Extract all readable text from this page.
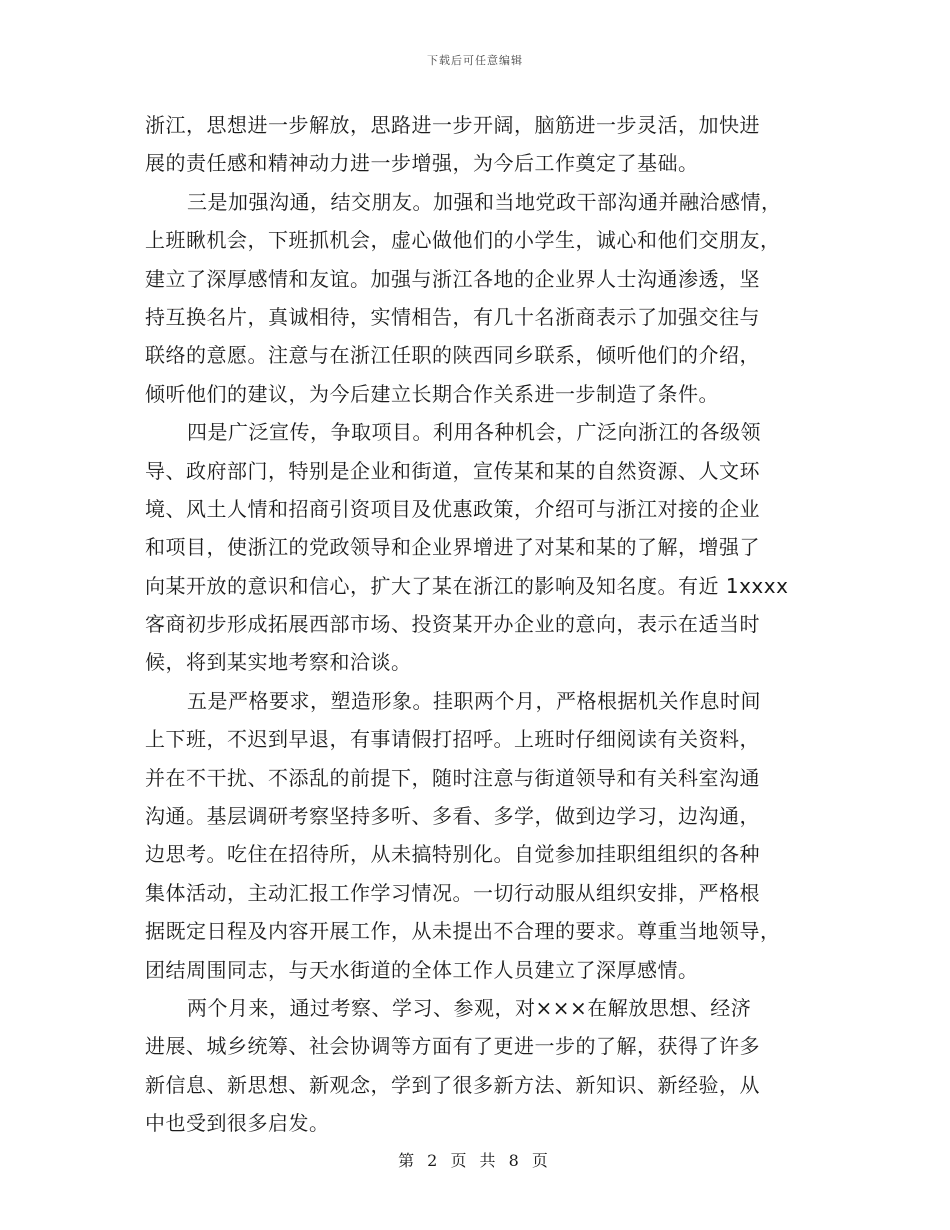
下载后可任意编辑
浙江，思想进一步解放，思路进一步开阔，脑筋进一步灵活，加快进
展的责任感和精神动力进一步增强，为今后工作奠定了基础。
三是加强沟通，结交朋友。加强和当地党政干部沟通并融洽感情，
上班瞅机会，下班抓机会，虚心做他们的小学生，诚心和他们交朋友，
建立了深厚感情和友谊。加强与浙江各地的企业界人士沟通渗透，坚
持互换名片，真诚相待，实情相告，有几十名浙商表示了加强交往与
联络的意愿。注意与在浙江任职的陕西同乡联系，倾听他们的介绍，
倾听他们的建议，为今后建立长期合作关系进一步制造了条件。
四是广泛宣传，争取项目。利用各种机会，广泛向浙江的各级领
导、政府部门，特别是企业和街道，宣传某和某的自然资源、人文环
境、风土人情和招商引资项目及优惠政策，介绍可与浙江对接的企业
和项目，使浙江的党政领导和企业界增进了对某和某的了解，增强了
向某开放的意识和信心，扩大了某在浙江的影响及知名度。有近 1xxxx
客商初步形成拓展西部市场、投资某开办企业的意向，表示在适当时
候，将到某实地考察和洽谈。
五是严格要求，塑造形象。挂职两个月，严格根据机关作息时间
上下班，不迟到早退，有事请假打招呼。上班时仔细阅读有关资料，
并在不干扰、不添乱的前提下，随时注意与街道领导和有关科室沟通
沟通。基层调研考察坚持多听、多看、多学，做到边学习，边沟通，
边思考。吃住在招待所，从未搞特别化。自觉参加挂职组组织的各种
集体活动，主动汇报工作学习情况。一切行动服从组织安排，严格根
据既定日程及内容开展工作，从未提出不合理的要求。尊重当地领导，
团结周围同志，与天水街道的全体工作人员建立了深厚感情。
两个月来，通过考察、学习、参观，对×××在解放思想、经济
进展、城乡统筹、社会协调等方面有了更进一步的了解，获得了许多
新信息、新思想、新观念，学到了很多新方法、新知识、新经验，从
中也受到很多启发。
第 2 页 共 8 页
